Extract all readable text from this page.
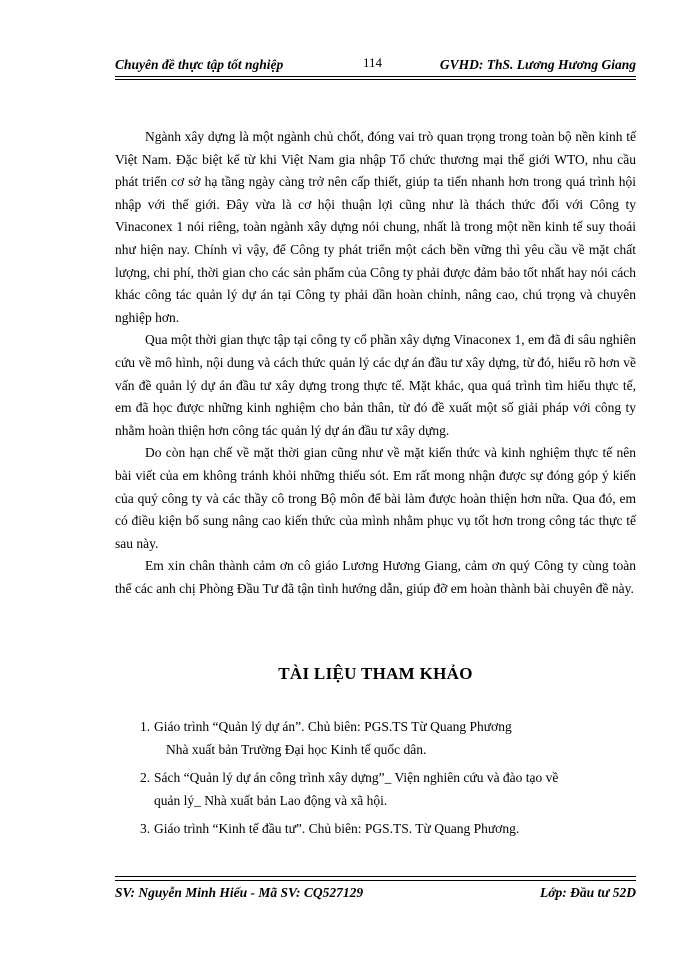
Chuyên đề thực tập tốt nghiệp	114	GVHD: ThS. Lương Hương Giang

Ngành xây dựng là một ngành chủ chốt, đóng vai trò quan trọng trong toàn bộ nền kinh tế Việt Nam. Đặc biệt kể từ khi Việt Nam gia nhập Tổ chức thương mại thế giới WTO, nhu cầu phát triển cơ sở hạ tầng ngày càng trở nên cấp thiết, giúp ta tiến nhanh hơn trong quá trình hội nhập với thế giới. Đây vừa là cơ hội thuận lợi cũng như là thách thức đối với Công ty Vinaconex 1 nói riêng, toàn ngành xây dựng nói chung, nhất là trong một nền kinh tế suy thoái như hiện nay. Chính vì vậy, để Công ty phát triển một cách bền vững thì yêu cầu về mặt chất lượng, chi phí, thời gian cho các sản phẩm của Công ty phải được đảm bảo tốt nhất hay nói cách khác công tác quản lý dự án tại Công ty phải dần hoàn chỉnh, nâng cao, chú trọng và chuyên nghiệp hơn.

Qua một thời gian thực tập tại công ty cổ phần xây dựng Vinaconex 1, em đã đi sâu nghiên cứu về mô hình, nội dung và cách thức quản lý các dự án đầu tư xây dựng, từ đó, hiểu rõ hơn về vấn đề quản lý dự án đầu tư xây dựng trong thực tế. Mặt khác, qua quá trình tìm hiểu thực tế, em đã học được những kinh nghiệm cho bản thân, từ đó đề xuất một số giải pháp với công ty nhằm hoàn thiện hơn công tác quản lý dự án đầu tư xây dựng.

Do còn hạn chế về mặt thời gian cũng như về mặt kiến thức và kinh nghiệm thực tế nên bài viết của em không tránh khỏi những thiếu sót. Em rất mong nhận được sự đóng góp ý kiến của quý công ty và các thầy cô trong Bộ môn để bài làm được hoàn thiện hơn nữa. Qua đó, em có điều kiện bổ sung nâng cao kiến thức của mình nhằm phục vụ tốt hơn trong công tác thực tế sau này.

Em xin chân thành cảm ơn cô giáo Lương Hương Giang, cảm ơn quý Công ty cùng toàn thể các anh chị Phòng Đầu Tư đã tận tình hướng dẫn, giúp đỡ em hoàn thành bài chuyên đề này.

TÀI LIỆU THAM KHẢO
1. Giáo trình “Quản lý dự án”. Chủ biên: PGS.TS Từ Quang Phương
Nhà xuất bản Trường Đại học Kinh tế quốc dân.
2. Sách “Quản lý dự án công trình xây dựng”_ Viện nghiên cứu và đào tạo về
quản lý_ Nhà xuất bản Lao động và xã hội.
3. Giáo trình “Kinh tế đầu tư”. Chủ biên: PGS.TS. Từ Quang Phương.
SV: Nguyễn Minh Hiếu - Mã SV: CQ527129	Lớp: Đầu tư 52D
